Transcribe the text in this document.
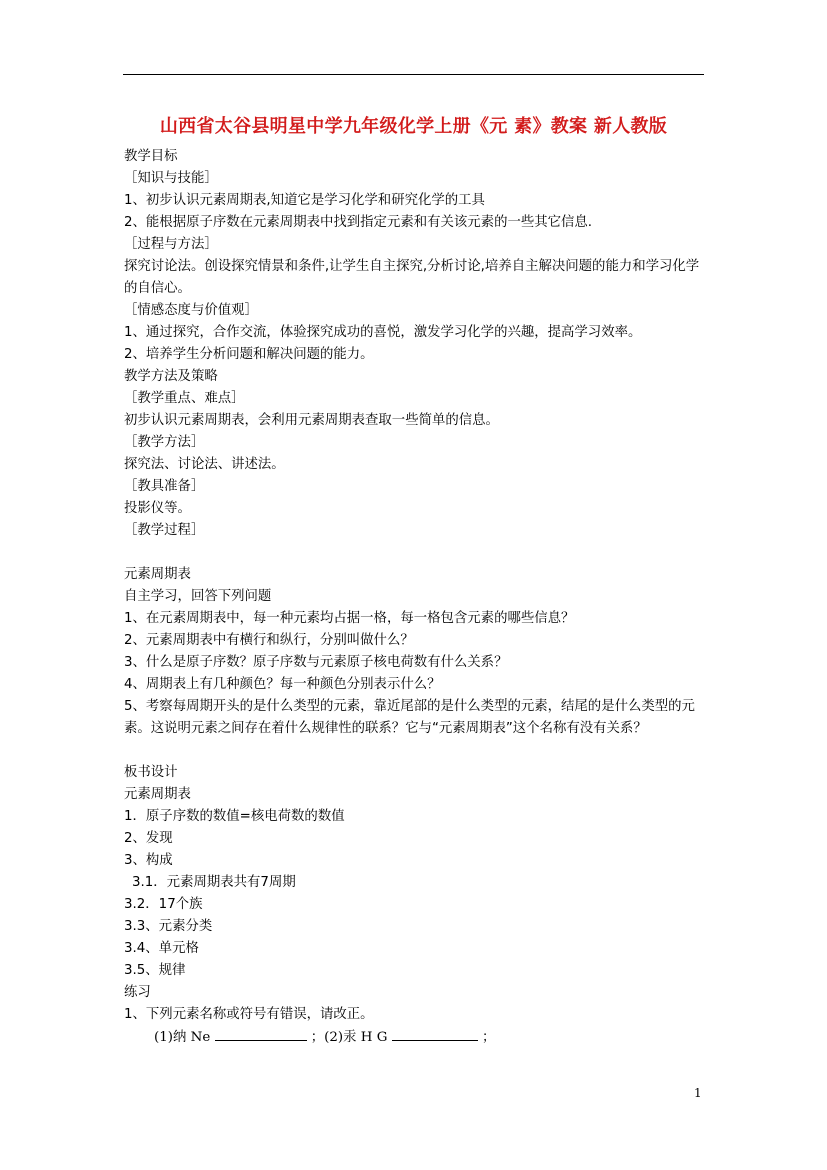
山西省太谷县明星中学九年级化学上册《元 素》教案 新人教版
教学目标
［知识与技能］
1、初步认识元素周期表,知道它是学习化学和研究化学的工具
2、能根据原子序数在元素周期表中找到指定元素和有关该元素的一些其它信息.
［过程与方法］
探究讨论法。创设探究情景和条件,让学生自主探究,分析讨论,培养自主解决问题的能力和学习化学的自信心。
［情感态度与价值观］
1、通过探究，合作交流，体验探究成功的喜悦，激发学习化学的兴趣，提高学习效率。
2、培养学生分析问题和解决问题的能力。
教学方法及策略
［教学重点、难点］
初步认识元素周期表，会利用元素周期表查取一些简单的信息。
［教学方法］
探究法、讨论法、讲述法。
［教具准备］
投影仪等。
［教学过程］
元素周期表
自主学习，回答下列问题
1、在元素周期表中，每一种元素均占据一格，每一格包含元素的哪些信息？
2、元素周期表中有横行和纵行，分别叫做什么？
3、什么是原子序数？原子序数与元素原子核电荷数有什么关系？
4、周期表上有几种颜色？每一种颜色分别表示什么？
5、考察每周期开头的是什么类型的元素，靠近尾部的是什么类型的元素，结尾的是什么类型的元素。这说明元素之间存在着什么规律性的联系？它与“元素周期表”这个名称有没有关系？
板书设计
元素周期表
1．原子序数的数值=核电荷数的数值
2、发现
3、构成
3.1．元素周期表共有7周期
3.2．17个族
3.3、元素分类
3.4、单元格
3.5、规律
练习
1、下列元素名称或符号有错误，请改正。
(1)纳 Ne	；(2)汞 H G	；
1
